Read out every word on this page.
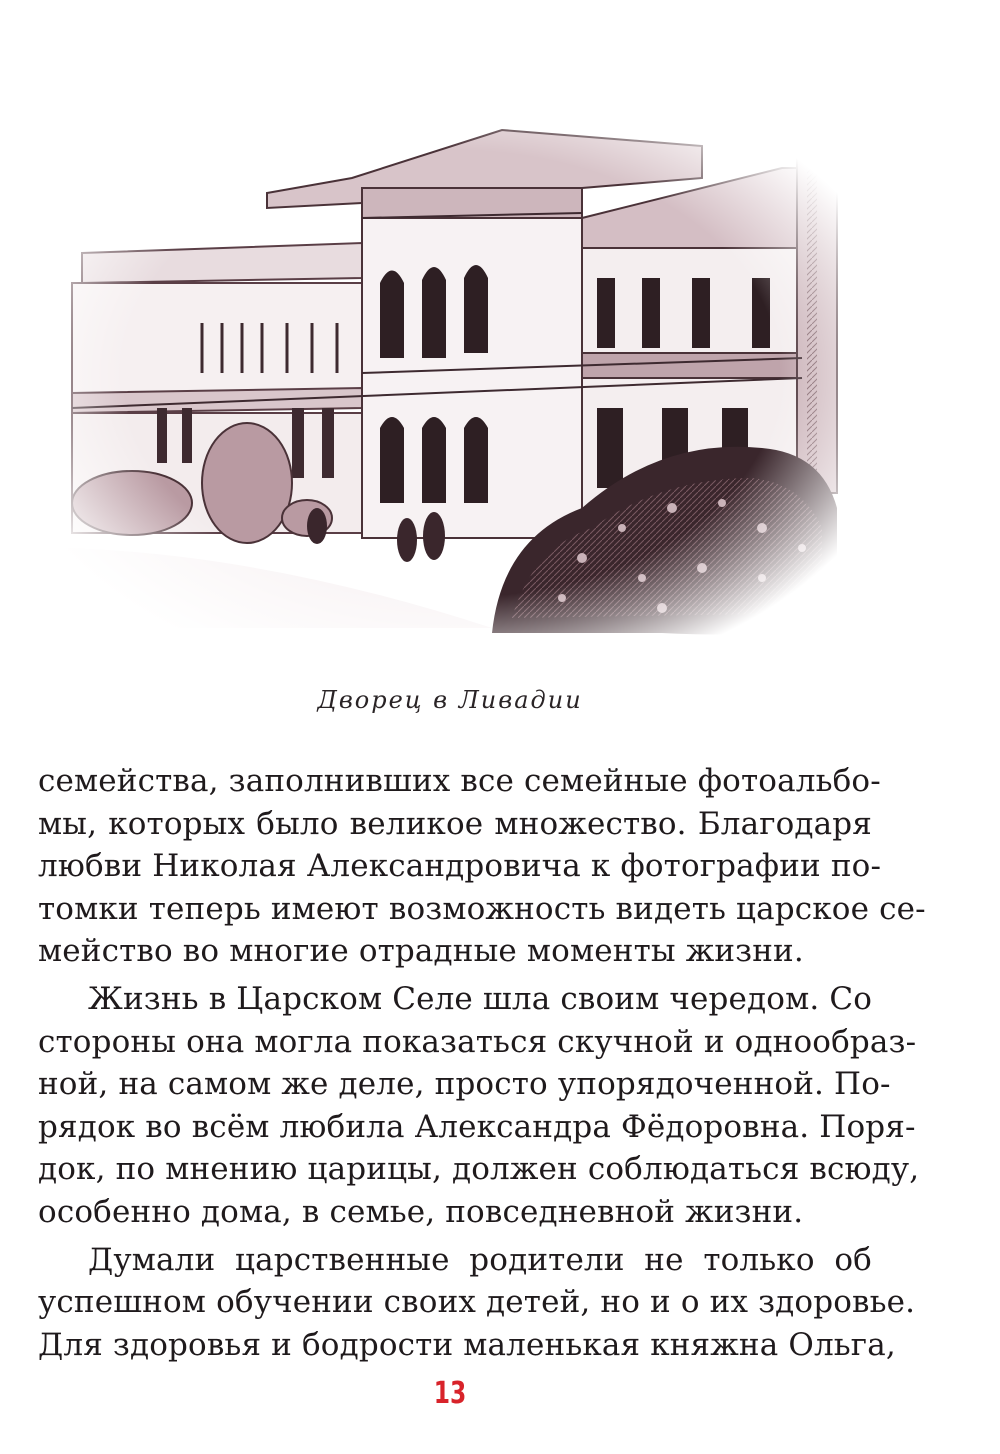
Дворец в Ливадии
семейства, заполнивших все семейные фотоальбо-
мы, которых было великое множество. Благодаря
любви Николая Александровича к фотографии по-
томки теперь имеют возможность видеть царское се-
мейство во многие отрадные моменты жизни.
Жизнь в Царском Селе шла своим чередом. Со
стороны она могла показаться скучной и однообраз-
ной, на самом же деле, просто упорядоченной. По-
рядок во всём любила Александра Фёдоровна. Поря-
док, по мнению царицы, должен соблюдаться всюду,
особенно дома, в семье, повседневной жизни.
Думали царственные родители не только об
успешном обучении своих детей, но и о их здоровье.
Для здоровья и бодрости маленькая княжна Ольга,
13
